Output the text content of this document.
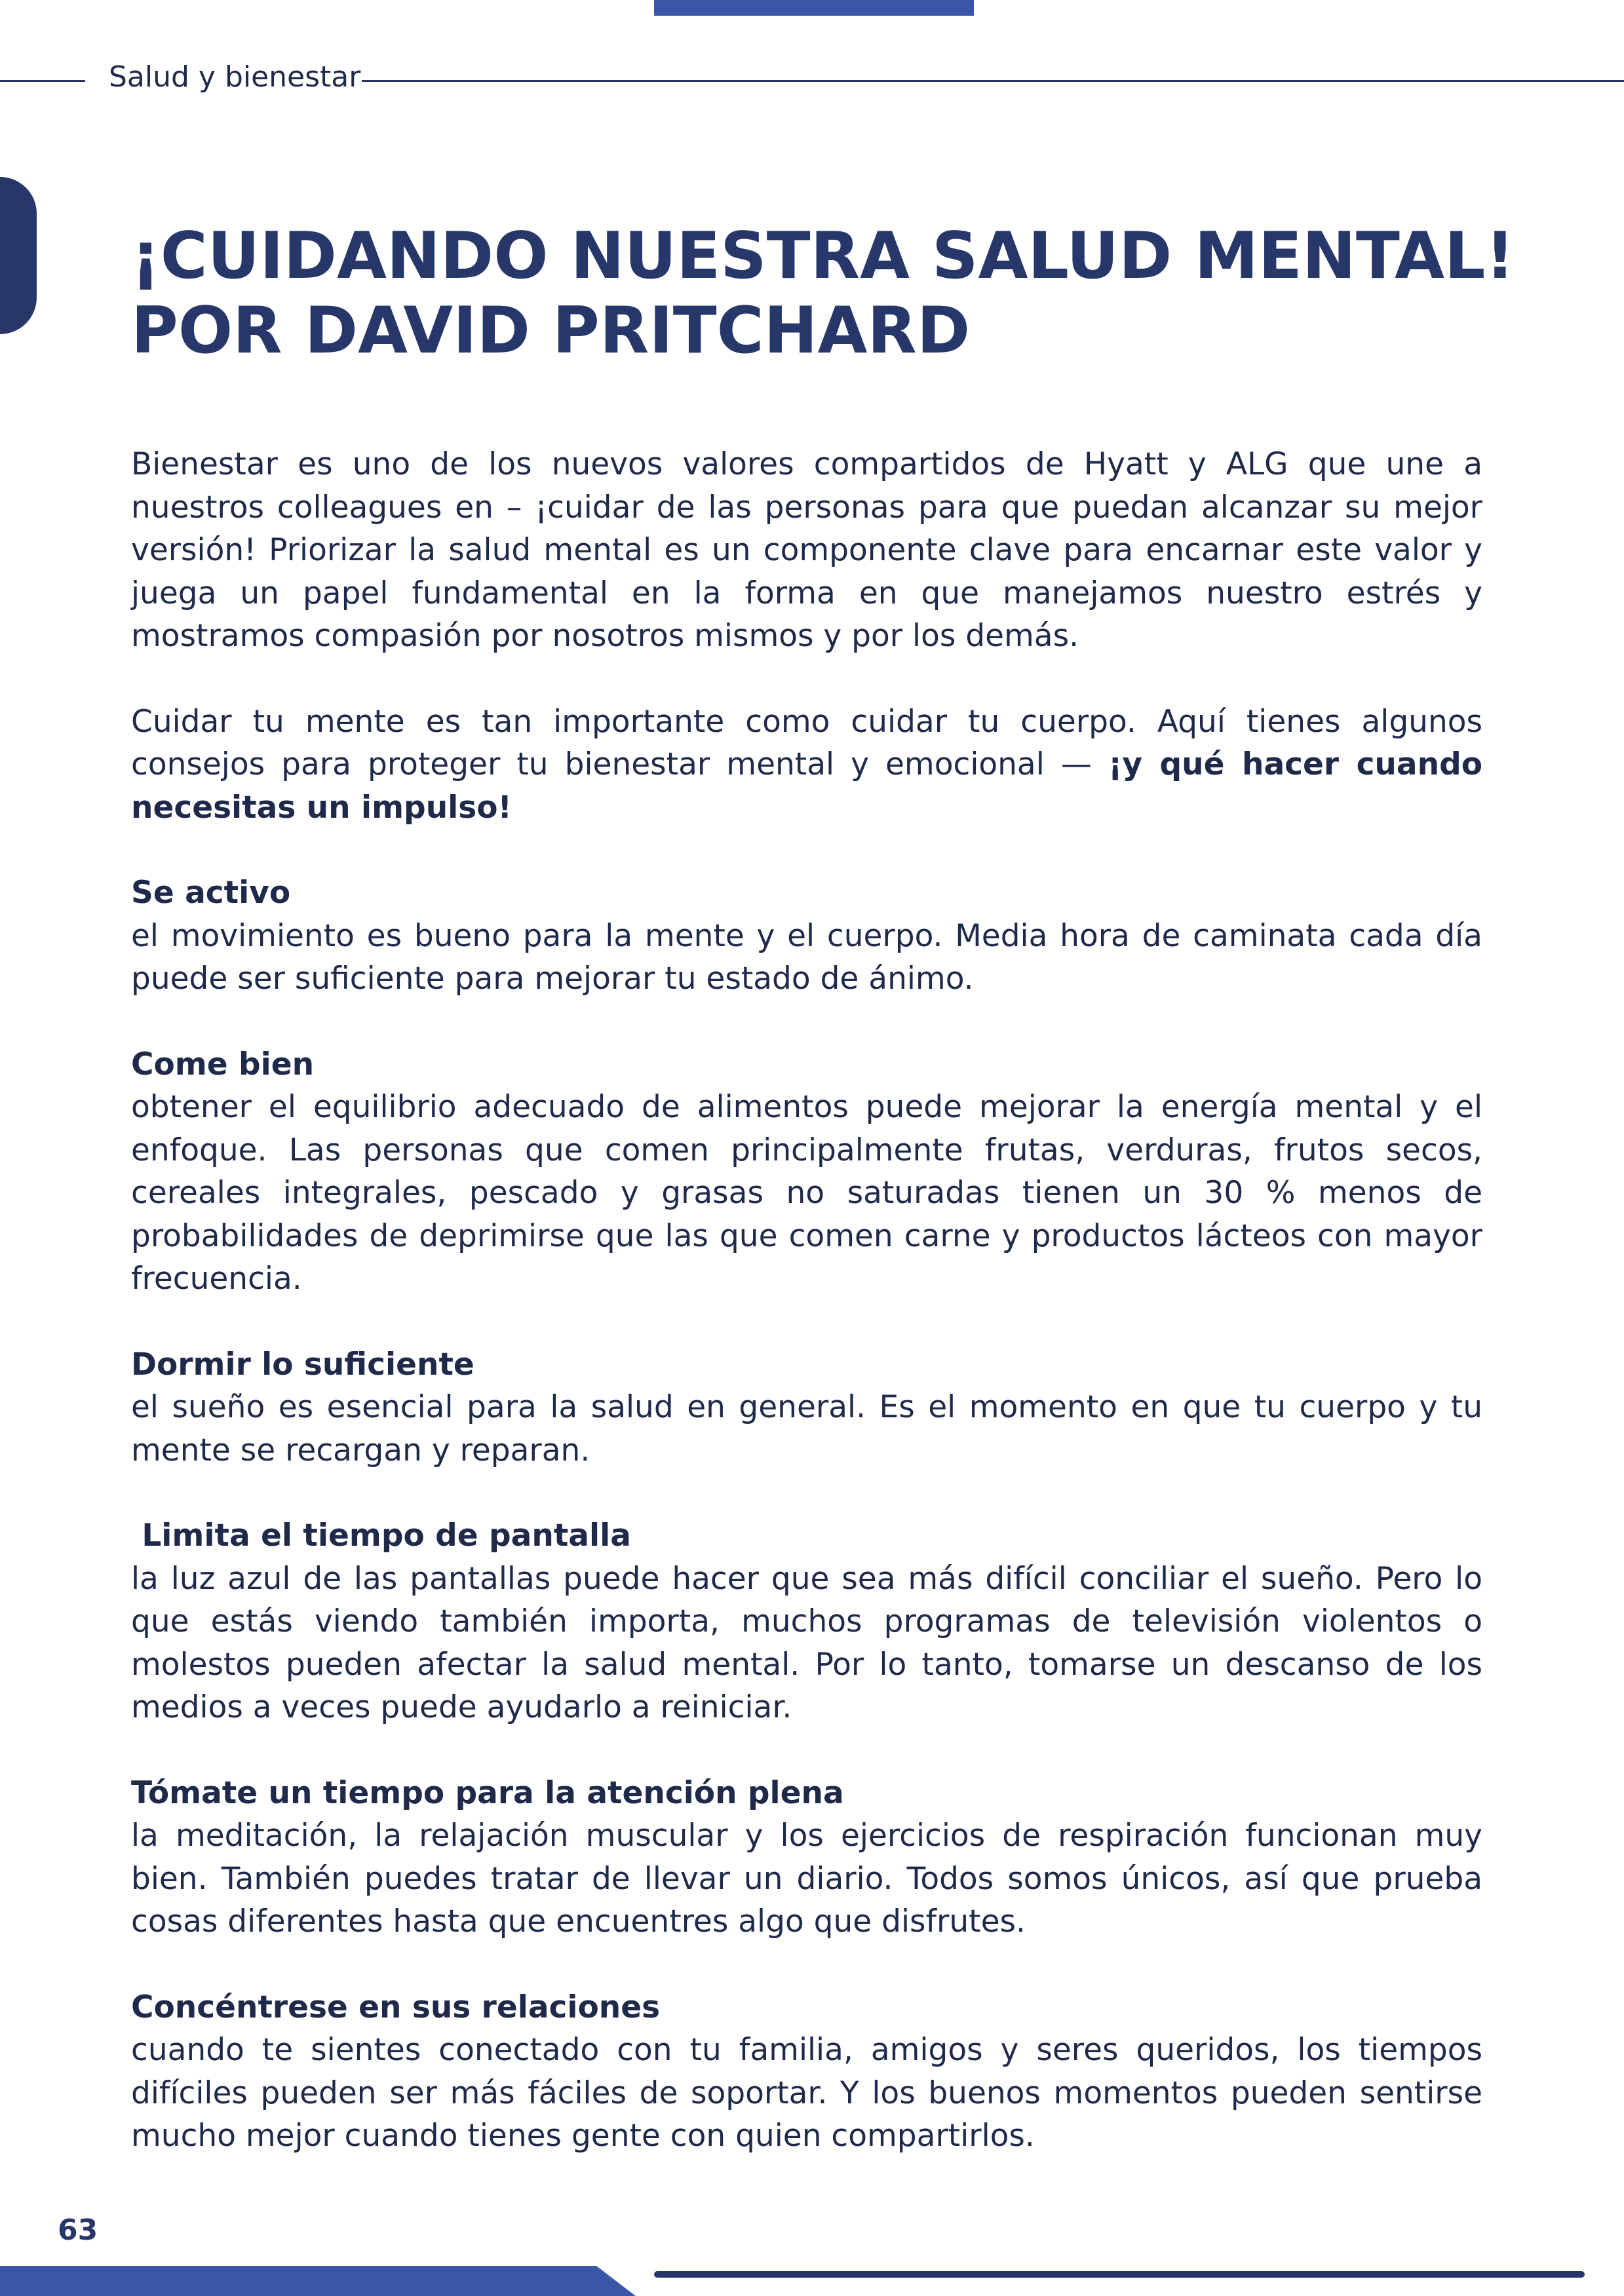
Salud y bienestar
¡CUIDANDO NUESTRA SALUD MENTAL!
POR DAVID PRITCHARD

Bienestar es uno de los nuevos valores compartidos de Hyatt y ALG que une a nuestros colleagues en – ¡cuidar de las personas para que puedan alcanzar su mejor versión! Priorizar la salud mental es un componente clave para encarnar este valor y juega un papel fundamental en la forma en que manejamos nuestro estrés y mostramos compasión por nosotros mismos y por los demás.

Cuidar tu mente es tan importante como cuidar tu cuerpo. Aquí tienes algunos consejos para proteger tu bienestar mental y emocional — ¡y qué hacer cuando necesitas un impulso!

Se activo

el movimiento es bueno para la mente y el cuerpo. Media hora de caminata cada día puede ser suficiente para mejorar tu estado de ánimo.

Come bien

obtener el equilibrio adecuado de alimentos puede mejorar la energía mental y el enfoque. Las personas que comen principalmente frutas, verduras, frutos secos, cereales integrales, pescado y grasas no saturadas tienen un 30 % menos de probabilidades de deprimirse que las que comen carne y productos lácteos con mayor frecuencia.

Dormir lo suficiente

el sueño es esencial para la salud en general. Es el momento en que tu cuerpo y tu mente se recargan y reparan.

Limita el tiempo de pantalla

la luz azul de las pantallas puede hacer que sea más difícil conciliar el sueño. Pero lo que estás viendo también importa, muchos programas de televisión violentos o molestos pueden afectar la salud mental. Por lo tanto, tomarse un descanso de los medios a veces puede ayudarlo a reiniciar.

Tómate un tiempo para la atención plena

la meditación, la relajación muscular y los ejercicios de respiración funcionan muy bien. También puedes tratar de llevar un diario. Todos somos únicos, así que prueba cosas diferentes hasta que encuentres algo que disfrutes.

Concéntrese en sus relaciones

cuando te sientes conectado con tu familia, amigos y seres queridos, los tiempos difíciles pueden ser más fáciles de soportar. Y los buenos momentos pueden sentirse mucho mejor cuando tienes gente con quien compartirlos.

63
